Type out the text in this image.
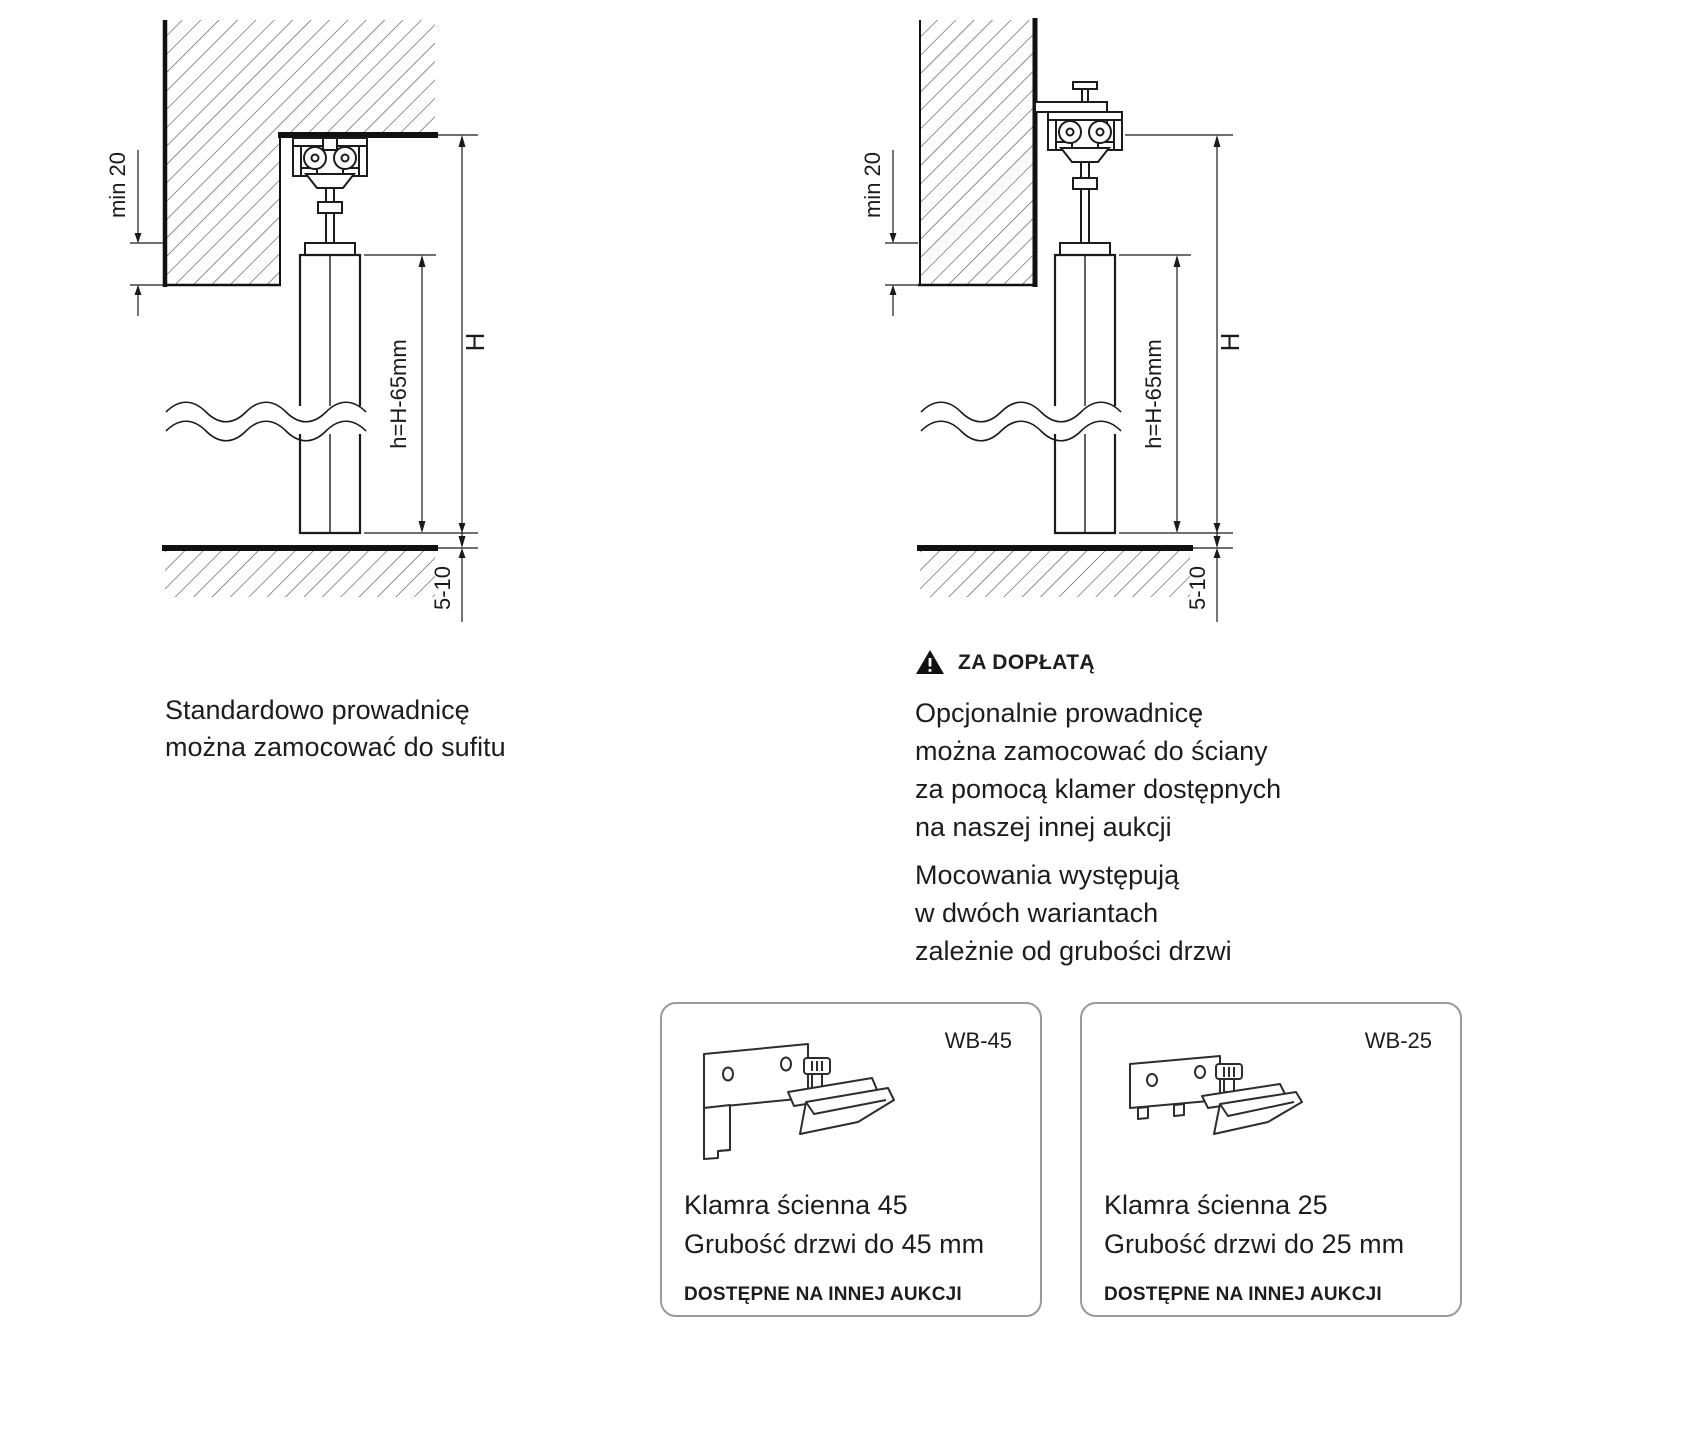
min 20
H
h=H-65mm
5-10
min 20
H
h=H-65mm
5-10
Standardowo prowadnicę
można zamocować do sufitu
ZA DOPŁATĄ
Opcjonalnie prowadnicę
można zamocować do ściany
za pomocą klamer dostępnych
na naszej innej aukcji
Mocowania występują
w dwóch wariantach
zależnie od grubości drzwi
WB-45
Klamra ścienna 45
Grubość drzwi do 45 mm
DOSTĘPNE NA INNEJ AUKCJI
WB-25
Klamra ścienna 25
Grubość drzwi do 25 mm
DOSTĘPNE NA INNEJ AUKCJI
